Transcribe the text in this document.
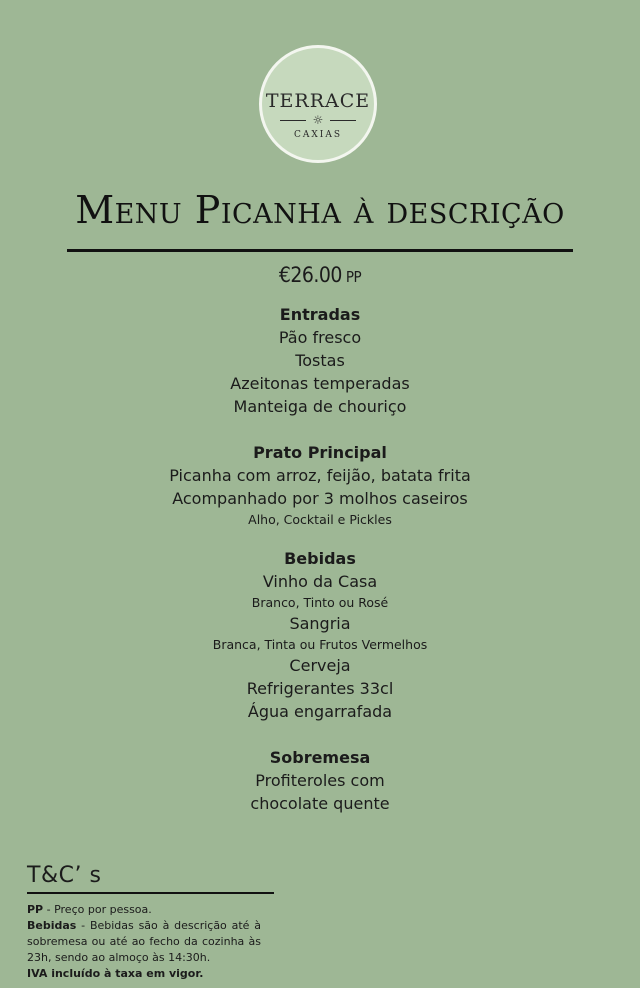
TERRACE
☼
CAXIAS
Menu Picanha à descrição
€26.00 PP
Entradas
Pão fresco
Tostas
Azeitonas temperadas
Manteiga de chouriço
Prato Principal
Picanha com arroz, feijão, batata frita
Acompanhado por 3 molhos caseiros
Alho, Cocktail e Pickles
Bebidas
Vinho da Casa
Branco, Tinto ou Rosé
Sangria
Branca, Tinta ou Frutos Vermelhos
Cerveja
Refrigerantes 33cl
Água engarrafada
Sobremesa
Profiteroles com
chocolate quente
T&C’ s

PP - Preço por pessoa.

Bebidas - Bebidas são à descrição até à sobremesa ou até ao fecho da cozinha às 23h, sendo ao almoço às 14:30h.

IVA incluído à taxa em vigor.
